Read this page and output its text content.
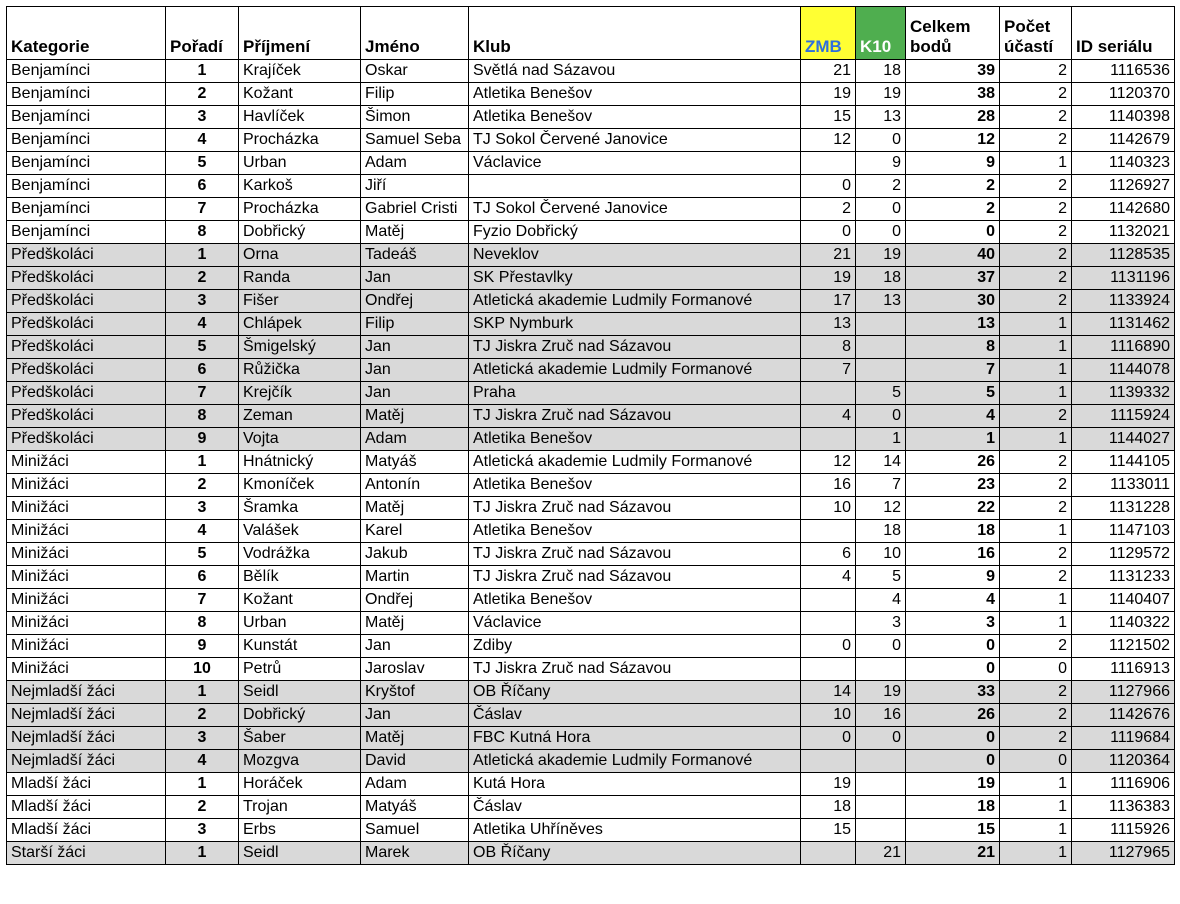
Kategorie	Pořadí	Příjmení	Jméno	Klub	ZMB	K10	Celkem bodů	Počet účastí	ID seriálu
Benjamínci	1	Krajíček	Oskar	Světlá nad Sázavou	21	18	39	2	1116536
Benjamínci	2	Kožant	Filip	Atletika Benešov	19	19	38	2	1120370
Benjamínci	3	Havlíček	Šimon	Atletika Benešov	15	13	28	2	1140398
Benjamínci	4	Procházka	Samuel Seba	TJ Sokol Červené Janovice	12	0	12	2	1142679
Benjamínci	5	Urban	Adam	Václavice		9	9	1	1140323
Benjamínci	6	Karkoš	Jiří		0	2	2	2	1126927
Benjamínci	7	Procházka	Gabriel Cristi	TJ Sokol Červené Janovice	2	0	2	2	1142680
Benjamínci	8	Dobřický	Matěj	Fyzio Dobřický	0	0	0	2	1132021
Předškoláci	1	Orna	Tadeáš	Neveklov	21	19	40	2	1128535
Předškoláci	2	Randa	Jan	SK Přestavlky	19	18	37	2	1131196
Předškoláci	3	Fišer	Ondřej	Atletická akademie Ludmily Formanové	17	13	30	2	1133924
Předškoláci	4	Chlápek	Filip	SKP Nymburk	13		13	1	1131462
Předškoláci	5	Šmigelský	Jan	TJ Jiskra Zruč nad Sázavou	8		8	1	1116890
Předškoláci	6	Růžička	Jan	Atletická akademie Ludmily Formanové	7		7	1	1144078
Předškoláci	7	Krejčík	Jan	Praha		5	5	1	1139332
Předškoláci	8	Zeman	Matěj	TJ Jiskra Zruč nad Sázavou	4	0	4	2	1115924
Předškoláci	9	Vojta	Adam	Atletika Benešov		1	1	1	1144027
Minižáci	1	Hnátnický	Matyáš	Atletická akademie Ludmily Formanové	12	14	26	2	1144105
Minižáci	2	Kmoníček	Antonín	Atletika Benešov	16	7	23	2	1133011
Minižáci	3	Šramka	Matěj	TJ Jiskra Zruč nad Sázavou	10	12	22	2	1131228
Minižáci	4	Valášek	Karel	Atletika Benešov		18	18	1	1147103
Minižáci	5	Vodrážka	Jakub	TJ Jiskra Zruč nad Sázavou	6	10	16	2	1129572
Minižáci	6	Bělík	Martin	TJ Jiskra Zruč nad Sázavou	4	5	9	2	1131233
Minižáci	7	Kožant	Ondřej	Atletika Benešov		4	4	1	1140407
Minižáci	8	Urban	Matěj	Václavice		3	3	1	1140322
Minižáci	9	Kunstát	Jan	Zdiby	0	0	0	2	1121502
Minižáci	10	Petrů	Jaroslav	TJ Jiskra Zruč nad Sázavou			0	0	1116913
Nejmladší žáci	1	Seidl	Kryštof	OB Říčany	14	19	33	2	1127966
Nejmladší žáci	2	Dobřický	Jan	Čáslav	10	16	26	2	1142676
Nejmladší žáci	3	Šaber	Matěj	FBC Kutná Hora	0	0	0	2	1119684
Nejmladší žáci	4	Mozgva	David	Atletická akademie Ludmily Formanové			0	0	1120364
Mladší žáci	1	Horáček	Adam	Kutá Hora	19		19	1	1116906
Mladší žáci	2	Trojan	Matyáš	Čáslav	18		18	1	1136383
Mladší žáci	3	Erbs	Samuel	Atletika Uhříněves	15		15	1	1115926
Starší žáci	1	Seidl	Marek	OB Říčany		21	21	1	1127965
